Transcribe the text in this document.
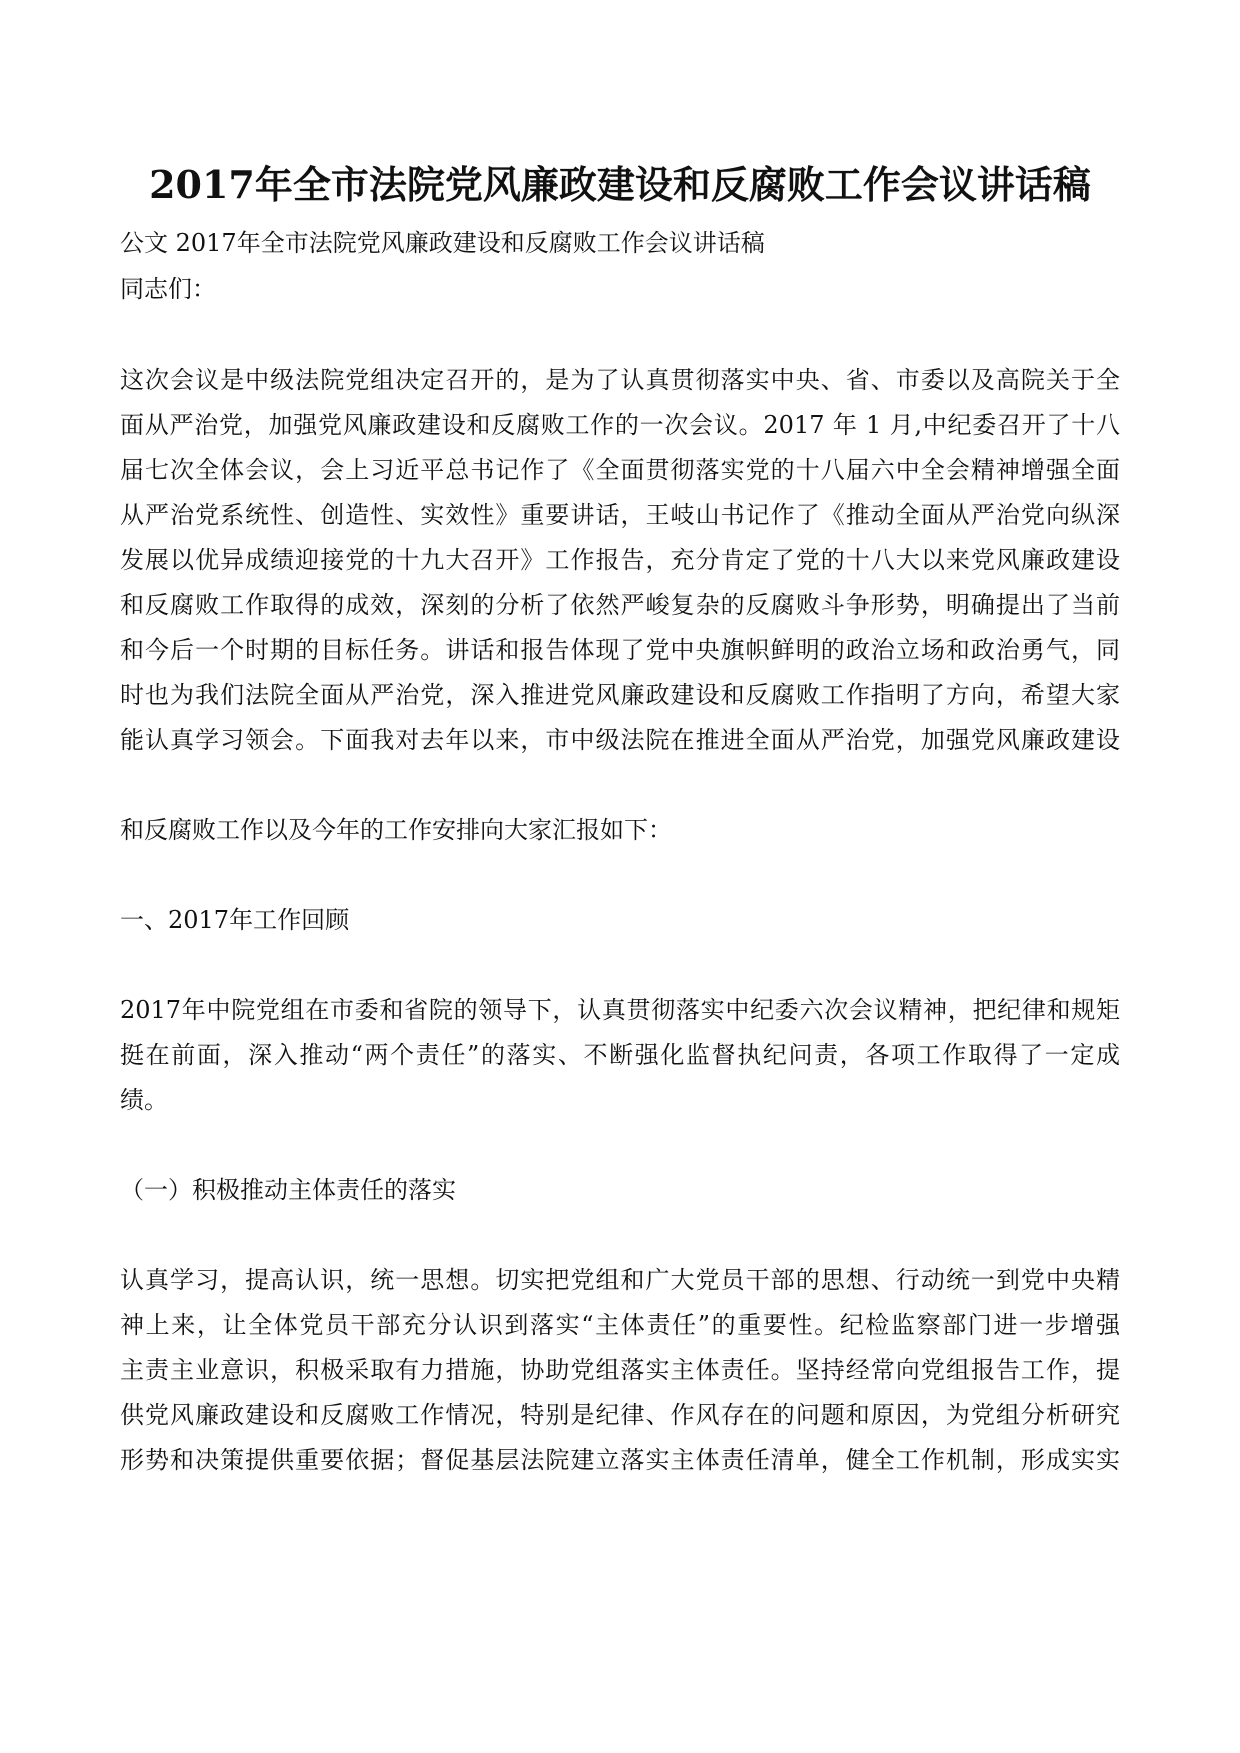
2017年全市法院党风廉政建设和反腐败工作会议讲话稿
公文 2017年全市法院党风廉政建设和反腐败工作会议讲话稿
同志们：
这次会议是中级法院党组决定召开的，是为了认真贯彻落实中央、省、市委以及高院关于全
面从严治党，加强党风廉政建设和反腐败工作的一次会议。2017 年 1 月,中纪委召开了十八
届七次全体会议，会上习近平总书记作了《全面贯彻落实党的十八届六中全会精神增强全面
从严治党系统性、创造性、实效性》重要讲话，王岐山书记作了《推动全面从严治党向纵深
发展以优异成绩迎接党的十九大召开》工作报告，充分肯定了党的十八大以来党风廉政建设
和反腐败工作取得的成效，深刻的分析了依然严峻复杂的反腐败斗争形势，明确提出了当前
和今后一个时期的目标任务。讲话和报告体现了党中央旗帜鲜明的政治立场和政治勇气，同
时也为我们法院全面从严治党，深入推进党风廉政建设和反腐败工作指明了方向，希望大家
能认真学习领会。下面我对去年以来，市中级法院在推进全面从严治党，加强党风廉政建设
和反腐败工作以及今年的工作安排向大家汇报如下：
一、2017年工作回顾
2017年中院党组在市委和省院的领导下，认真贯彻落实中纪委六次会议精神，把纪律和规矩
挺在前面，深入推动“两个责任”的落实、不断强化监督执纪问责，各项工作取得了一定成
绩。
（一）积极推动主体责任的落实
认真学习，提高认识，统一思想。切实把党组和广大党员干部的思想、行动统一到党中央精
神上来，让全体党员干部充分认识到落实“主体责任”的重要性。纪检监察部门进一步增强
主责主业意识，积极采取有力措施，协助党组落实主体责任。坚持经常向党组报告工作，提
供党风廉政建设和反腐败工作情况，特别是纪律、作风存在的问题和原因，为党组分析研究
形势和决策提供重要依据；督促基层法院建立落实主体责任清单，健全工作机制，形成实实
